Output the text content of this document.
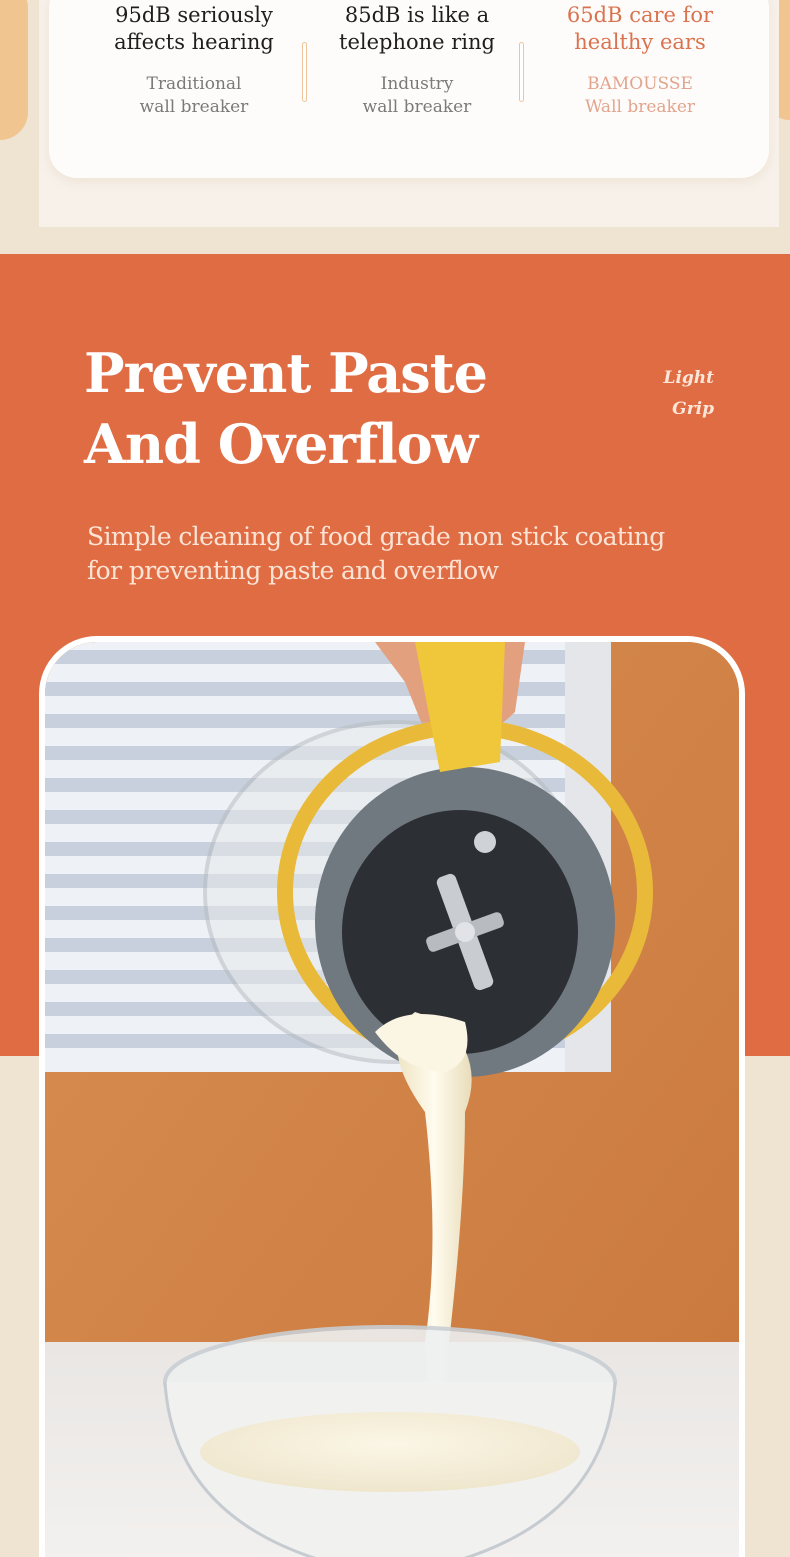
95dB seriously
affects hearing
Traditional
wall breaker
85dB is like a
telephone ring
Industry
wall breaker
65dB care for
healthy ears
BAMOUSSE
Wall breaker
Prevent Paste
And Overflow
Light
Grip

Simple cleaning of food grade non stick coating
for preventing paste and overflow
